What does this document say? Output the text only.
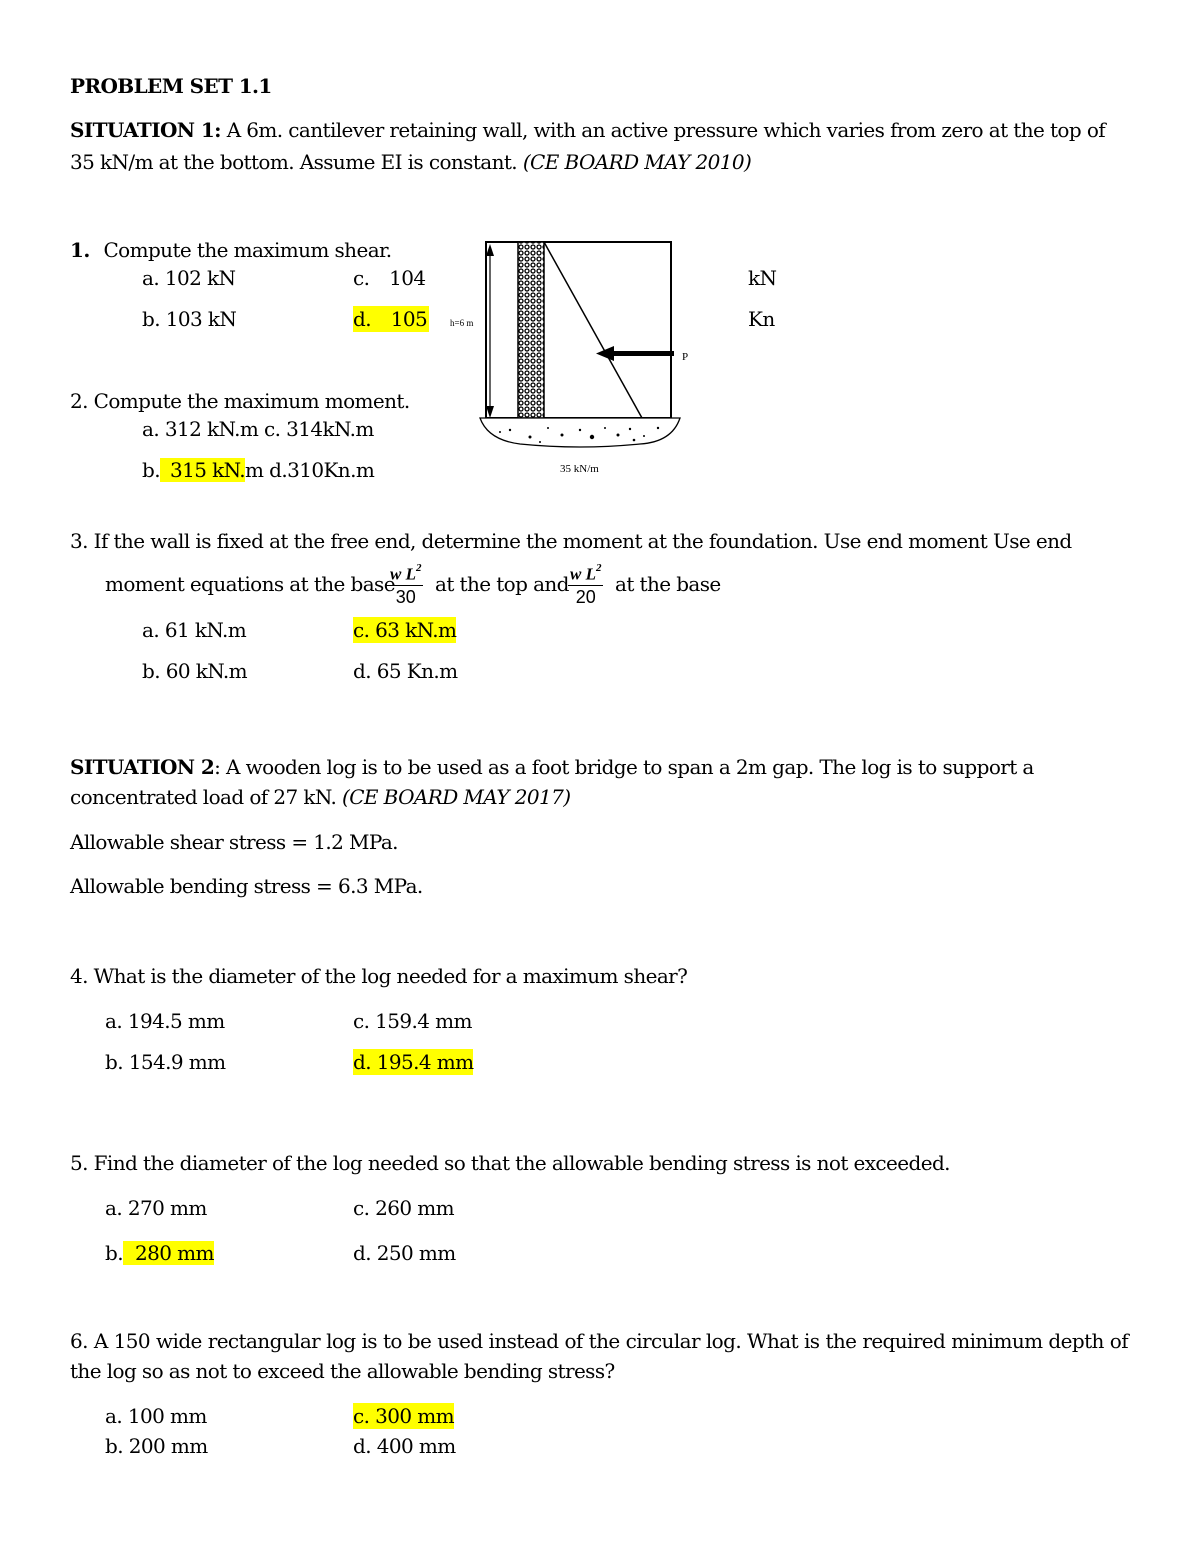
PROBLEM SET 1.1
SITUATION 1: A 6m. cantilever retaining wall, with an active pressure which varies from zero at the top of
35 kN/m at the bottom. Assume EI is constant. (CE BOARD MAY 2010)
1. Compute the maximum shear.
a. 102 kN	c. 104	kN
b. 103 kN	d. 105	Kn
h=6 m
P
35 kN/m
2. Compute the maximum moment.
a. 312 kN.m c. 314kN.m
b. 315 kN.m d.310Kn.m
3. If the wall is fixed at the free end, determine the moment at the foundation. Use end moment Use end
moment equations at the base
$\frac{w L^2}{30}$ at the top and $\frac{w L^2}{20}$ at the base
a. 61 kN.m	c. 63 kN.m
b. 60 kN.m	d. 65 Kn.m
SITUATION 2: A wooden log is to be used as a foot bridge to span a 2m gap. The log is to support a
concentrated load of 27 kN. (CE BOARD MAY 2017)
Allowable shear stress = 1.2 MPa.
Allowable bending stress = 6.3 MPa.
4. What is the diameter of the log needed for a maximum shear?
a. 194.5 mm	c. 159.4 mm
b. 154.9 mm	d. 195.4 mm
5. Find the diameter of the log needed so that the allowable bending stress is not exceeded.
a. 270 mm	c. 260 mm
b. 280 mm	d. 250 mm
6. A 150 wide rectangular log is to be used instead of the circular log. What is the required minimum depth of the log so as not to exceed the allowable bending stress?
a. 100 mm	c. 300 mm
b. 200 mm	d. 400 mm
